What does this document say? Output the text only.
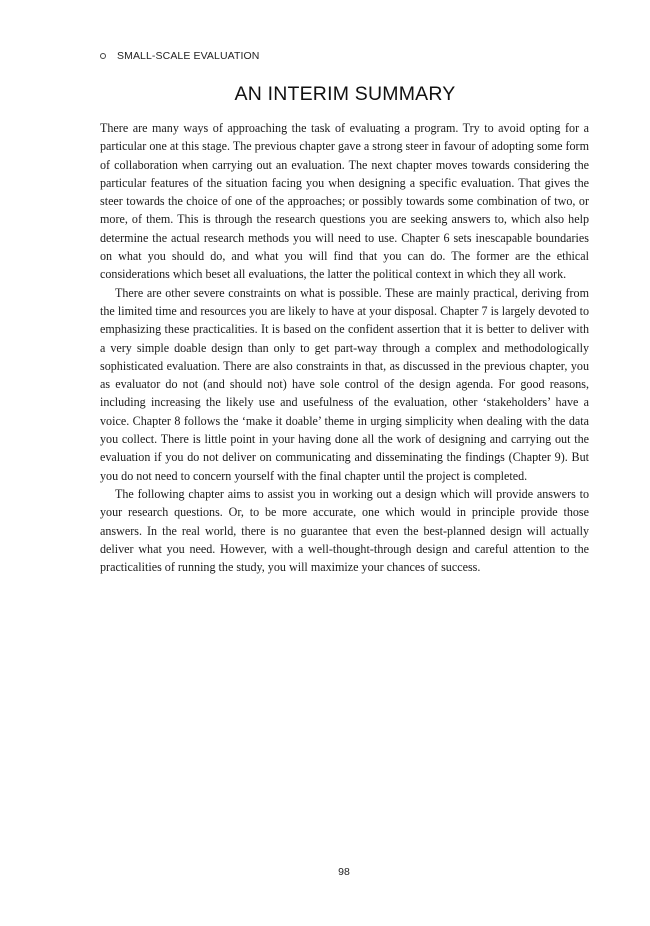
SMALL-SCALE EVALUATION
AN INTERIM SUMMARY

There are many ways of approaching the task of evaluating a program. Try to avoid opting for a particular one at this stage. The previous chapter gave a strong steer in favour of adopting some form of collaboration when carrying out an evaluation. The next chapter moves towards considering the particular features of the situation facing you when designing a specific evaluation. That gives the steer towards the choice of one of the approaches; or possibly towards some combination of two, or more, of them. This is through the research questions you are seeking answers to, which also help determine the actual research methods you will need to use. Chapter 6 sets inescapable boundaries on what you should do, and what you will find that you can do. The former are the ethical considerations which beset all evaluations, the latter the political context in which they all work.

There are other severe constraints on what is possible. These are mainly practical, deriving from the limited time and resources you are likely to have at your disposal. Chapter 7 is largely devoted to emphasizing these practicalities. It is based on the confident assertion that it is better to deliver with a very simple doable design than only to get part-way through a complex and methodologically sophisticated evaluation. There are also constraints in that, as discussed in the previous chapter, you as evaluator do not (and should not) have sole control of the design agenda. For good reasons, including increasing the likely use and usefulness of the evaluation, other ‘stakeholders’ have a voice. Chapter 8 follows the ‘make it doable’ theme in urging simplicity when dealing with the data you collect. There is little point in your having done all the work of designing and carrying out the evaluation if you do not deliver on communicating and disseminating the findings (Chapter 9). But you do not need to concern yourself with the final chapter until the project is completed.

The following chapter aims to assist you in working out a design which will provide answers to your research questions. Or, to be more accurate, one which would in principle provide those answers. In the real world, there is no guarantee that even the best-planned design will actually deliver what you need. However, with a well-thought-through design and careful attention to the practicalities of running the study, you will maximize your chances of success.

98
